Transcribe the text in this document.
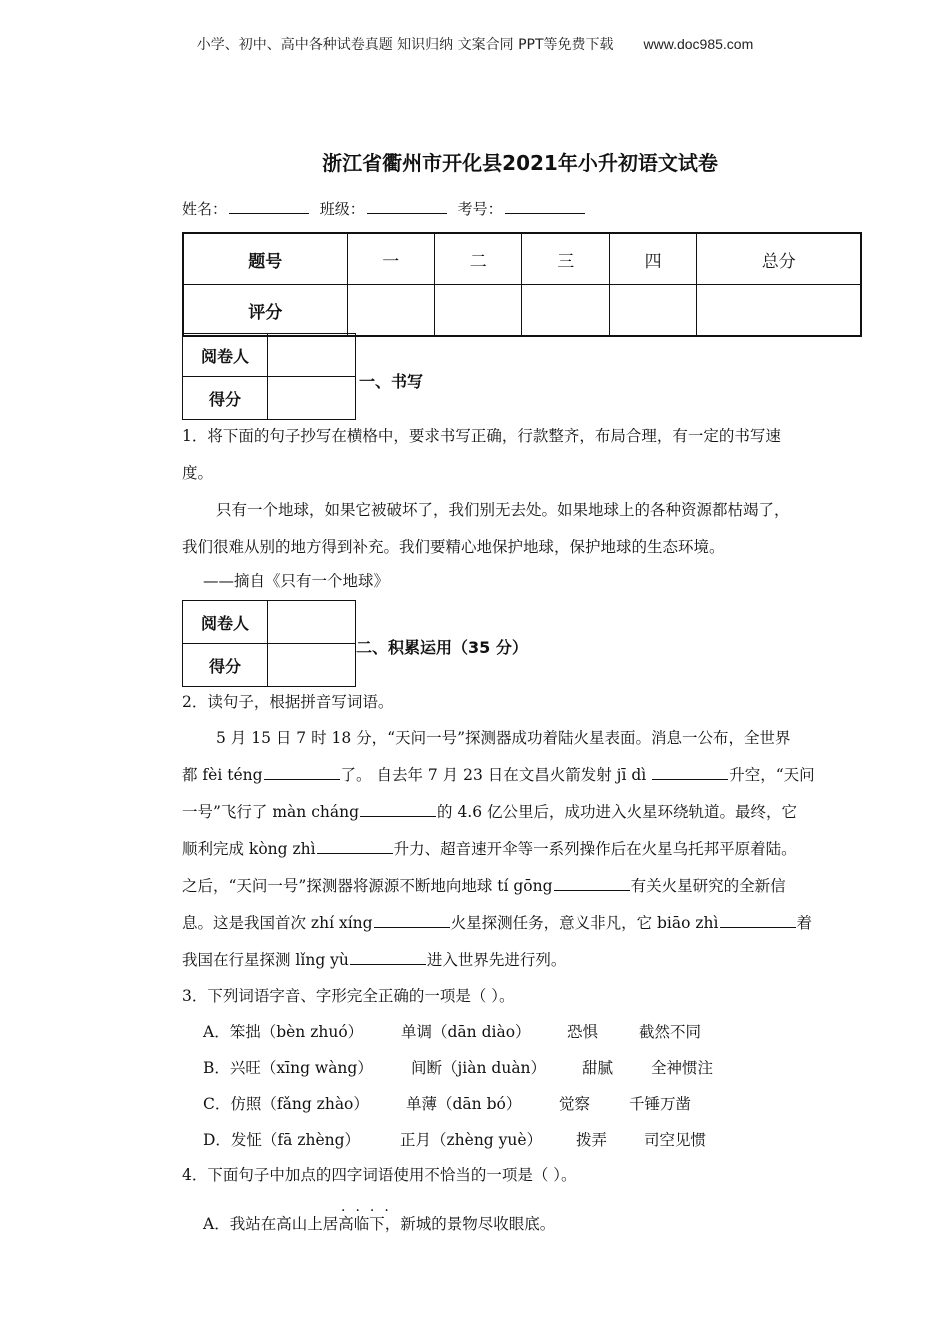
小学、初中、高中各种试卷真题 知识归纳 文案合同 PPT等免费下载 www.doc985.com
浙江省衢州市开化县2021年小升初语文试卷
姓名：	班级：	考号：
题号	一	二	三	四	总分
评分					
阅卷人	
得分	
一、书写
1．将下面的句子抄写在横格中，要求书写正确，行款整齐，布局合理，有一定的书写速
度。
只有一个地球，如果它被破坏了，我们别无去处。如果地球上的各种资源都枯竭了，
我们很难从别的地方得到补充。我们要精心地保护地球，保护地球的生态环境。
——摘自《只有一个地球》
阅卷人	
得分	
二、积累运用（35 分）
2．读句子，根据拼音写词语。
5 月 15 日 7 时 18 分，“天问一号”探测器成功着陆火星表面。消息一公布，全世界
都 fèi téng	了。 自去年 7 月 23 日在文昌火箭发射 jī dì	升空，“天问
一号”飞行了 màn cháng	的 4.6 亿公里后，成功进入火星环绕轨道。最终，它
顺利完成 kòng zhì	升力、超音速开伞等一系列操作后在火星乌托邦平原着陆。
之后，“天问一号”探测器将源源不断地向地球 tí gōng	有关火星研究的全新信
息。这是我国首次 zhí xíng	火星探测任务，意义非凡，它 biāo zhì	着
我国在行星探测 lǐng yù	进入世界先进行列。
3．下列词语字音、字形完全正确的一项是（ ）。
A．笨拙（bèn zhuó） 单调（dān diào） 恐惧	截然不同
B．兴旺（xīng wàng） 间断（jiàn duàn） 甜腻 全神惯注
C．仿照（fǎng zhào） 单薄（dān bó） 觉察	千锤万凿
D．发怔（fā zhèng）	正月（zhèng yuè） 拨弄 司空见惯
4．下面句子中加点的四字词语使用不恰当的一项是（ ）。
····
A．我站在高山上居高临下，新城的景物尽收眼底。
